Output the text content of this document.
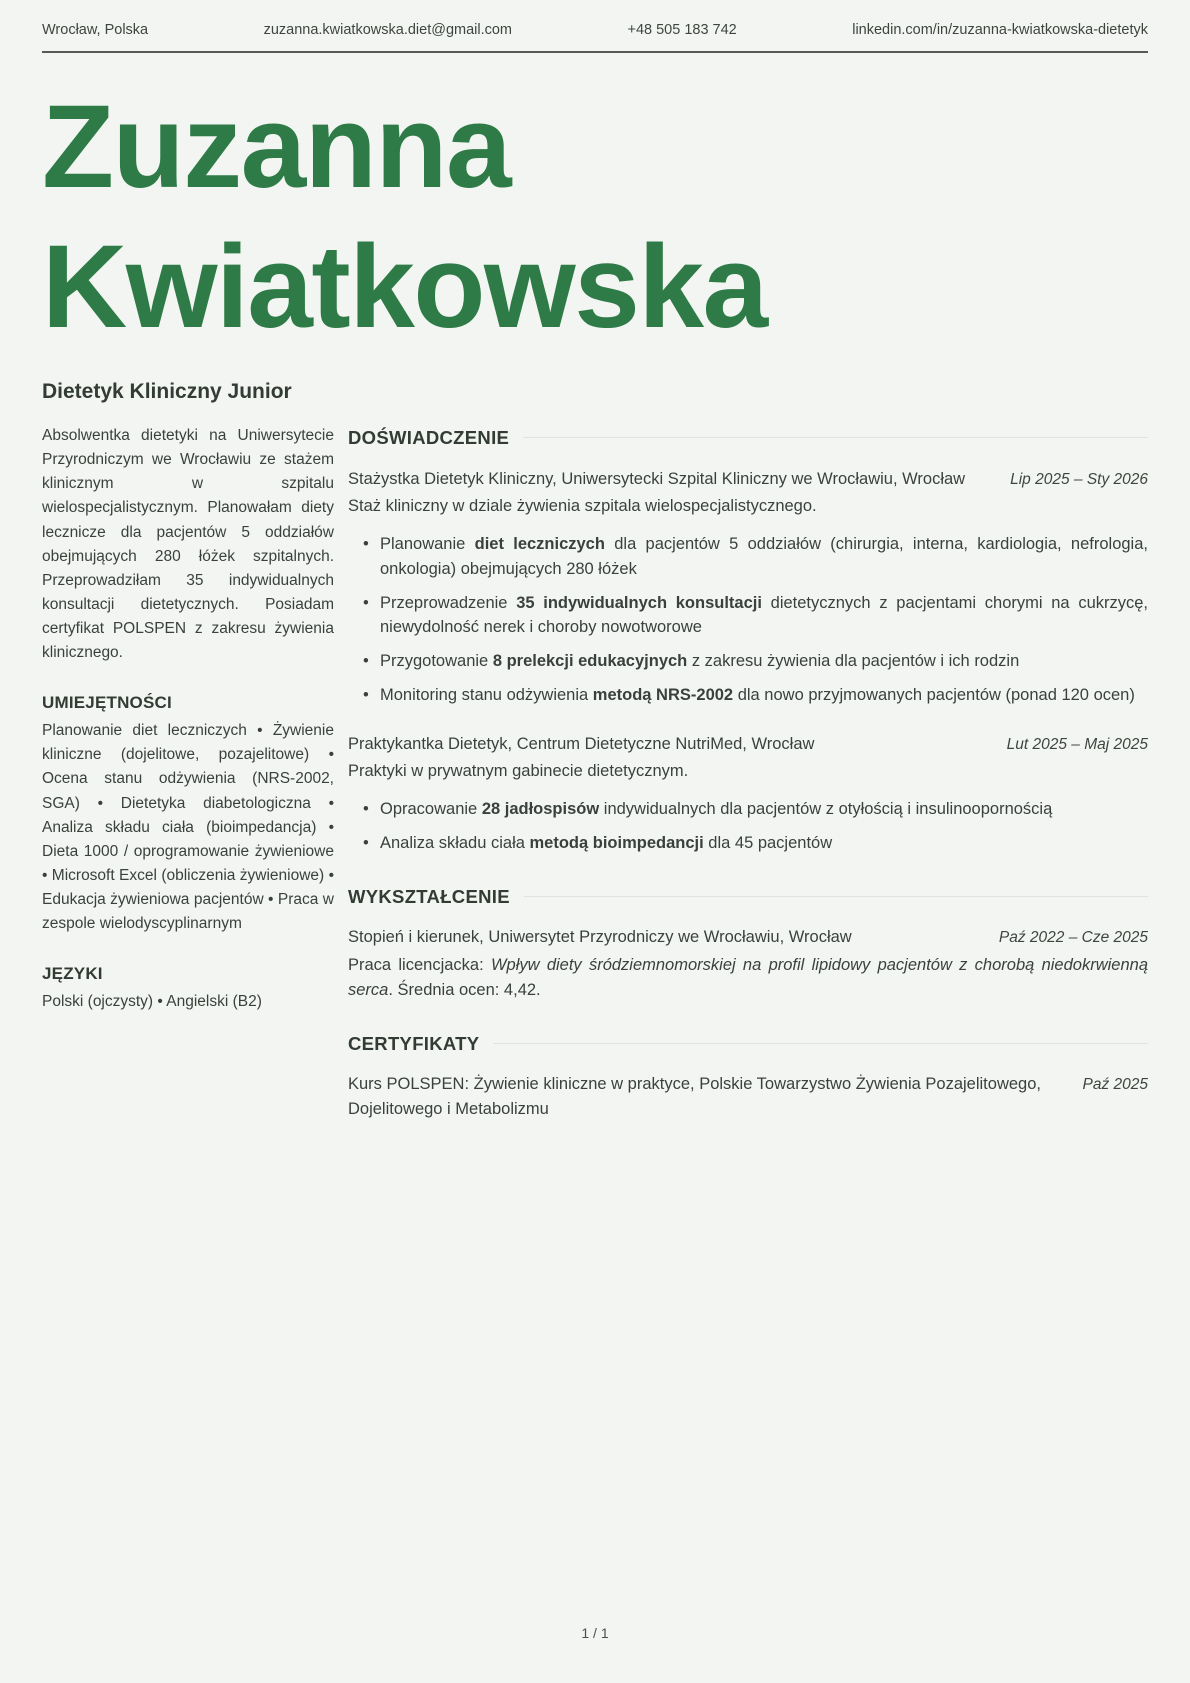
Wrocław, Polska	zuzanna.kwiatkowska.diet@gmail.com	+48 505 183 742	linkedin.com/in/zuzanna-kwiatkowska-dietetyk
Zuzanna
Kwiatkowska
Dietetyk Kliniczny Junior

Absolwentka dietetyki na Uniwersytecie Przyrodniczym we Wrocławiu ze stażem klinicznym w szpitalu wielospecjalistycznym. Planowałam diety lecznicze dla pacjentów 5 oddziałów obejmujących 280 łóżek szpitalnych. Przeprowadziłam 35 indywidualnych konsultacji dietetycznych. Posiadam certyfikat POLSPEN z zakresu żywienia klinicznego.

UMIEJĘTNOŚCI

Planowanie diet leczniczych • Żywienie kliniczne (dojelitowe, pozajelitowe) • Ocena stanu odżywienia (NRS-2002, SGA) • Dietetyka diabetologiczna • Analiza składu ciała (bioimpedancja) • Dieta 1000 / oprogramowanie żywieniowe • Microsoft Excel (obliczenia żywieniowe) • Edukacja żywieniowa pacjentów • Praca w zespole wielodyscyplinarnym

JĘZYKI

Polski (ojczysty) • Angielski (B2)

DOŚWIADCZENIE
Stażystka Dietetyk Kliniczny, Uniwersytecki Szpital Kliniczny we Wrocławiu, Wrocław	Lip 2025 – Sty 2026

Staż kliniczny w dziale żywienia szpitala wielospecjalistycznego.

• Planowanie diet leczniczych dla pacjentów 5 oddziałów (chirurgia, interna, kardiologia, nefrologia, onkologia) obejmujących 280 łóżek
• Przeprowadzenie 35 indywidualnych konsultacji dietetycznych z pacjentami chorymi na cukrzycę, niewydolność nerek i choroby nowotworowe
• Przygotowanie 8 prelekcji edukacyjnych z zakresu żywienia dla pacjentów i ich rodzin
• Monitoring stanu odżywienia metodą NRS-2002 dla nowo przyjmowanych pacjentów (ponad 120 ocen)
Praktykantka Dietetyk, Centrum Dietetyczne NutriMed, Wrocław	Lut 2025 – Maj 2025

Praktyki w prywatnym gabinecie dietetycznym.

• Opracowanie 28 jadłospisów indywidualnych dla pacjentów z otyłością i insulinoopornością
• Analiza składu ciała metodą bioimpedancji dla 45 pacjentów
WYKSZTAŁCENIE
Stopień i kierunek, Uniwersytet Przyrodniczy we Wrocławiu, Wrocław	Paź 2022 – Cze 2025

Praca licencjacka: Wpływ diety śródziemnomorskiej na profil lipidowy pacjentów z chorobą niedokrwienną serca. Średnia ocen: 4,42.

CERTYFIKATY

Kurs POLSPEN: Żywienie kliniczne w praktyce, Polskie Towarzystwo Żywienia Pozajelitowego, Dojelitowego i Metabolizmu

Paź 2025
1 / 1
